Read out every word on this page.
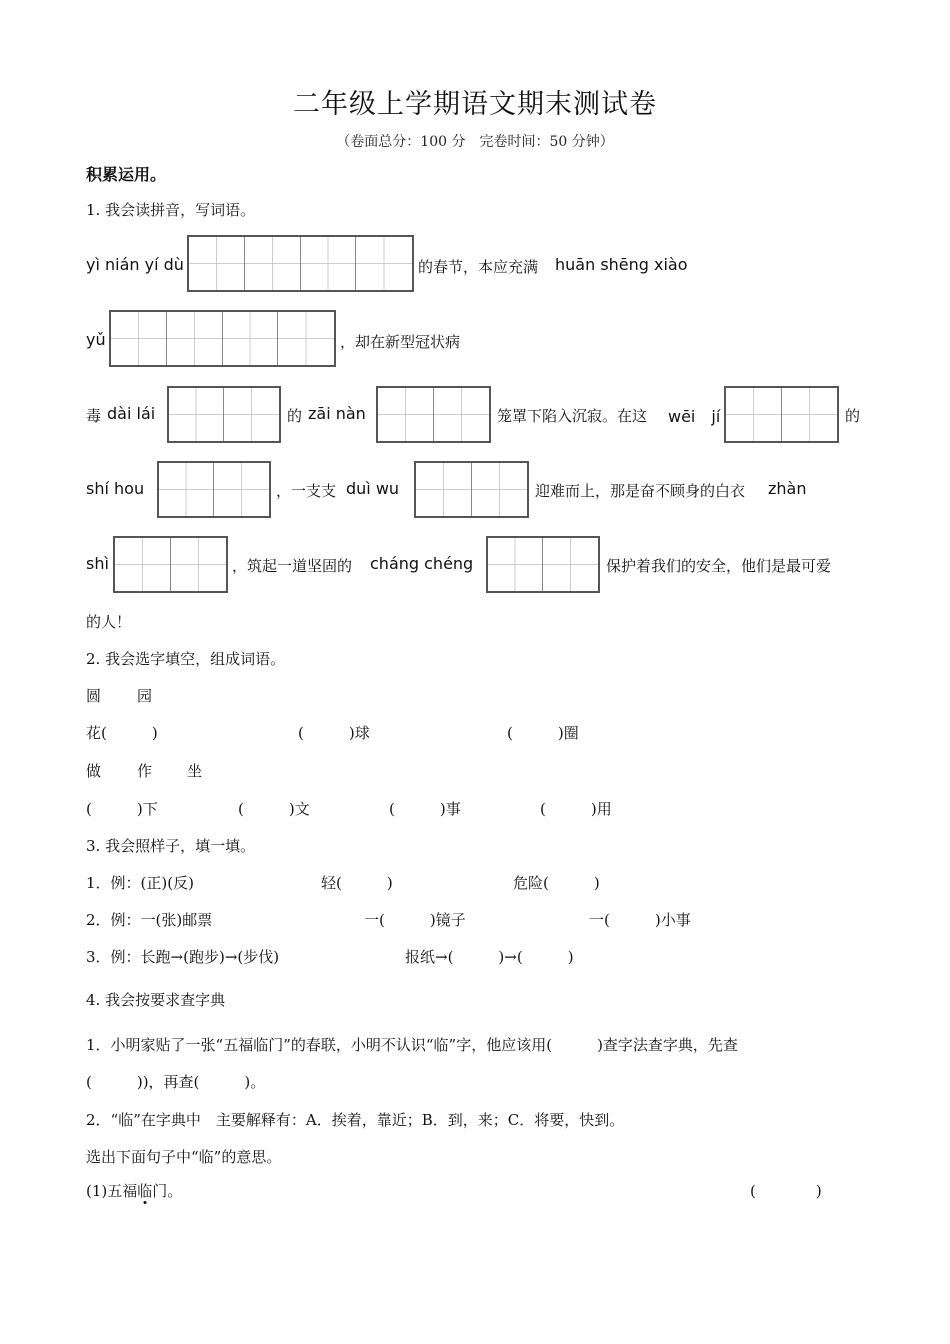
二年级上学期语文期末测试卷
（卷面总分：100 分　完卷时间：50 分钟）
积累运用。
1. 我会读拼音，写词语。
yì nián yí dù	的春节，本应充满 huān shēng xiào
yǔ	，却在新型冠状病
毒 dài lái	的 zāi nàn	笼罩下陷入沉寂。在这 wēi　jí	的
shí hou	，一支支 duì wu	迎难而上，那是奋不顾身的白衣 zhàn
shì	，筑起一道坚固的 cháng chéng	保护着我们的安全，他们是最可爱
的人！
2. 我会选字填空，组成词语。
圆 园
花(　　　)	(　　　)球	(　　　)圈
做 作 坐
(　　　)下	(　　　)文	(　　　)事	(　　　)用
3. 我会照样子，填一填。
1．例：(正)(反)	轻(　　　)	危险(　　　)
2．例：一(张)邮票	一(　　　)镜子	一(　　　)小事
3．例：长跑→(跑步)→(步伐)	报纸→(　　　)→(　　　)
4. 我会按要求查字典
1．小明家贴了一张“五福临门”的春联，小明不认识“临”字，他应该用(　　　)查字法查字典，先查
(　　　))，再查(　　　)。
2．“临”在字典中　主要解释有：A．挨着，靠近；B．到，来；C．将要，快到。
选出下面句子中“临”的意思。
(1)五福临门。	(　　　　)
